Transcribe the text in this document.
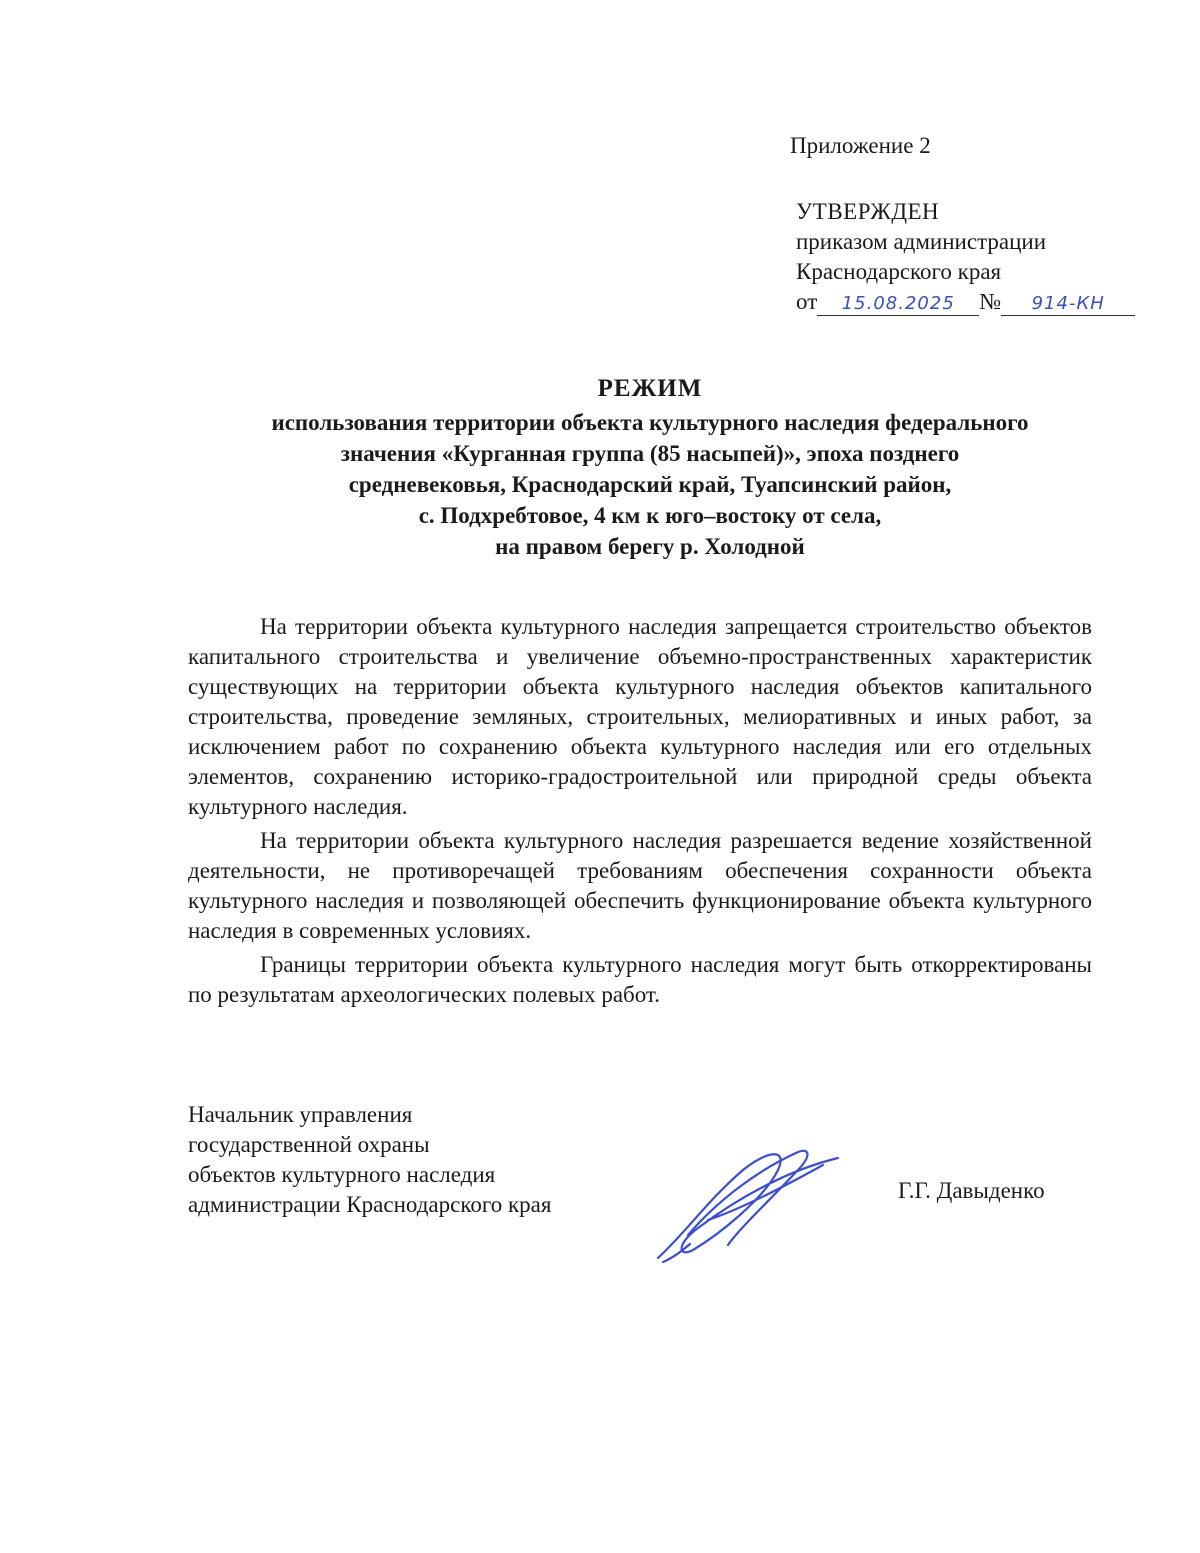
Приложение 2
УТВЕРЖДЕН
приказом администрации
Краснодарского края
от 15.08.2025 № 914-КН
РЕЖИМ
использования территории объекта культурного наследия федерального
значения «Курганная группа (85 насыпей)», эпоха позднего
средневековья, Краснодарский край, Туапсинский район,
с. Подхребтовое, 4 км к юго–востоку от села,
на правом берегу р. Холодной

На территории объекта культурного наследия запрещается строительство объектов капитального строительства и увеличение объемно-пространственных характеристик существующих на территории объекта культурного наследия объектов капитального строительства, проведение земляных, строительных, мелиоративных и иных работ, за исключением работ по сохранению объекта культурного наследия или его отдельных элементов, сохранению историко-градостроительной или природной среды объекта культурного наследия.

На территории объекта культурного наследия разрешается ведение хозяйственной деятельности, не противоречащей требованиям обеспечения сохранности объекта культурного наследия и позволяющей обеспечить функционирование объекта культурного наследия в современных условиях.

Границы территории объекта культурного наследия могут быть откорректированы по результатам археологических полевых работ.

Начальник управления
государственной охраны
объектов культурного наследия
администрации Краснодарского края
Г.Г. Давыденко
